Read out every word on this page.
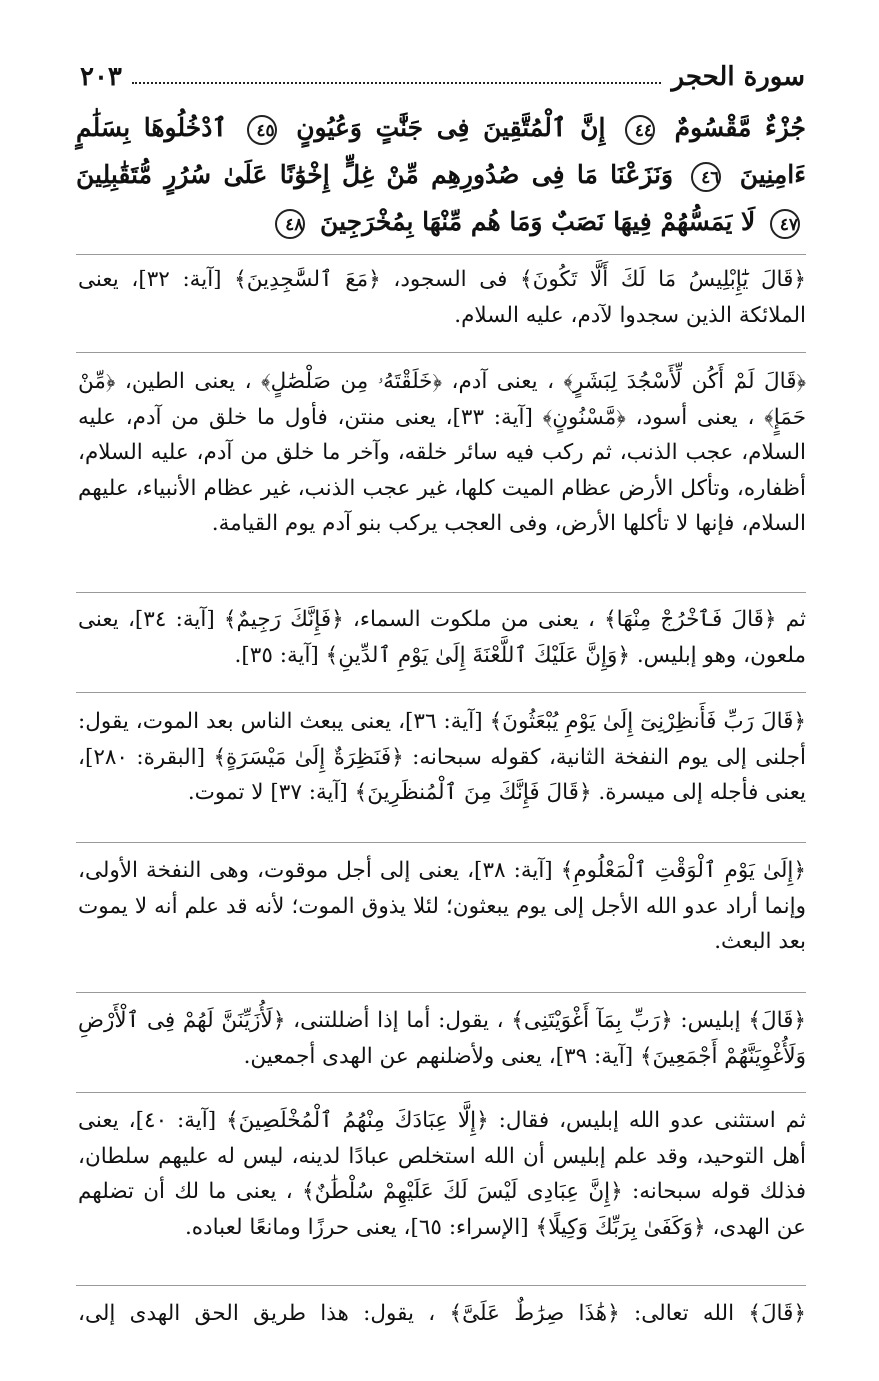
٢٠٣	سورة الحجر
جُزْءٌ مَّقْسُومٌ ٤٤ إِنَّ ٱلْمُتَّقِينَ فِى جَنَّٰتٍ وَعُيُونٍ ٤٥ ٱدْخُلُوهَا بِسَلَٰمٍ ءَامِنِينَ ٤٦ وَنَزَعْنَا مَا فِى صُدُورِهِم مِّنْ غِلٍّ إِخْوَٰنًا عَلَىٰ سُرُرٍ مُّتَقَٰبِلِينَ ٤٧ لَا يَمَسُّهُمْ فِيهَا نَصَبٌ وَمَا هُم مِّنْهَا بِمُخْرَجِينَ ٤٨

﴿قَالَ يَٰٓإِبْلِيسُ مَا لَكَ أَلَّا تَكُونَ﴾ فى السجود، ﴿مَعَ ٱلسَّٰجِدِينَ﴾ [آية: ٣٢]، يعنى الملائكة الذين سجدوا لآدم، عليه السلام.

﴿قَالَ لَمْ أَكُن لِّأَسْجُدَ لِبَشَرٍ﴾ ، يعنى آدم، ﴿خَلَقْتَهُۥ مِن صَلْصَٰلٍ﴾ ، يعنى الطين، ﴿مِّنْ حَمَإٍ﴾ ، يعنى أسود، ﴿مَّسْنُونٍ﴾ [آية: ٣٣]، يعنى منتن، فأول ما خلق من آدم، عليه السلام، عجب الذنب، ثم ركب فيه سائر خلقه، وآخر ما خلق من آدم، عليه السلام، أظفاره، وتأكل الأرض عظام الميت كلها، غير عجب الذنب، غير عظام الأنبياء، عليهم السلام، فإنها لا تأكلها الأرض، وفى العجب يركب بنو آدم يوم القيامة.

ثم ﴿قَالَ فَٱخْرُجْ مِنْهَا﴾ ، يعنى من ملكوت السماء، ﴿فَإِنَّكَ رَجِيمٌ﴾ [آية: ٣٤]، يعنى ملعون، وهو إبليس. ﴿وَإِنَّ عَلَيْكَ ٱللَّعْنَةَ إِلَىٰ يَوْمِ ٱلدِّينِ﴾ [آية: ٣٥].

﴿قَالَ رَبِّ فَأَنظِرْنِىٓ إِلَىٰ يَوْمِ يُبْعَثُونَ﴾ [آية: ٣٦]، يعنى يبعث الناس بعد الموت، يقول: أجلنى إلى يوم النفخة الثانية، كقوله سبحانه: ﴿فَنَظِرَةٌ إِلَىٰ مَيْسَرَةٍ﴾ [البقرة: ٢٨٠]، يعنى فأجله إلى ميسرة. ﴿قَالَ فَإِنَّكَ مِنَ ٱلْمُنظَرِينَ﴾ [آية: ٣٧] لا تموت.

﴿إِلَىٰ يَوْمِ ٱلْوَقْتِ ٱلْمَعْلُومِ﴾ [آية: ٣٨]، يعنى إلى أجل موقوت، وهى النفخة الأولى، وإنما أراد عدو الله الأجل إلى يوم يبعثون؛ لئلا يذوق الموت؛ لأنه قد علم أنه لا يموت بعد البعث.

﴿قَالَ﴾ إبليس: ﴿رَبِّ بِمَآ أَغْوَيْتَنِى﴾ ، يقول: أما إذا أضللتنى، ﴿لَأُزَيِّنَنَّ لَهُمْ فِى ٱلْأَرْضِ وَلَأُغْوِيَنَّهُمْ أَجْمَعِينَ﴾ [آية: ٣٩]، يعنى ولأضلنهم عن الهدى أجمعين.

ثم استثنى عدو الله إبليس، فقال: ﴿إِلَّا عِبَادَكَ مِنْهُمُ ٱلْمُخْلَصِينَ﴾ [آية: ٤٠]، يعنى أهل التوحيد، وقد علم إبليس أن الله استخلص عبادًا لدينه، ليس له عليهم سلطان، فذلك قوله سبحانه: ﴿إِنَّ عِبَادِى لَيْسَ لَكَ عَلَيْهِمْ سُلْطَٰنٌ﴾ ، يعنى ما لك أن تضلهم عن الهدى، ﴿وَكَفَىٰ بِرَبِّكَ وَكِيلًا﴾ [الإسراء: ٦٥]، يعنى حرزًا ومانعًا لعباده.

﴿قَالَ﴾ الله تعالى: ﴿هَٰذَا صِرَٰطٌ عَلَىَّ﴾ ، يقول: هذا طريق الحق الهدى إلى،
